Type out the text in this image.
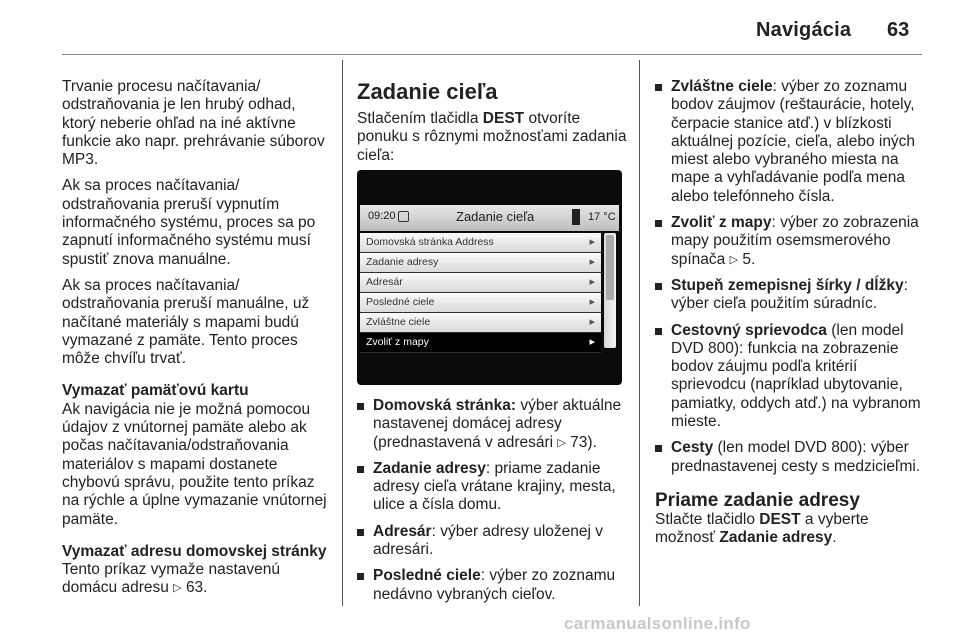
Navigácia 63

Trvanie procesu načítavania/ odstraňovania je len hrubý odhad, ktorý neberie ohľad na iné aktívne funkcie ako napr. prehrávanie súborov MP3.

Ak sa proces načítavania/ odstraňovania preruší vypnutím informačného systému, proces sa po zapnutí informačného systému musí spustiť znova manuálne.

Ak sa proces načítavania/ odstraňovania preruší manuálne, už načítané materiály s mapami budú vymazané z pamäte. Tento proces môže chvíľu trvať.

Vymazať pamäťovú kartu
Ak navigácia nie je možná pomocou údajov z vnútornej pamäte alebo ak počas načítavania/odstraňovania materiálov s mapami dostanete chybovú správu, použite tento príkaz na rýchle a úplne vymazanie vnútornej pamäte.

Vymazať adresu domovskej stránky
Tento príkaz vymaže nastavenú domácu adresu ▷ 63.

Zadanie cieľa

Stlačením tlačidla DEST otvoríte ponuku s rôznymi možnosťami zadania cieľa:

09:20	Zadanie cieľa	17 °C
Domovská stránka Address	▸
Zadanie adresy	▸
Adresár	▸
Posledné ciele	▸
Zvláštne ciele	▸
Zvoliť z mapy	▸
Domovská stránka: výber aktuálne nastavenej domácej adresy (prednastavená v adresári ▷ 73).
Zadanie adresy: priame zadanie adresy cieľa vrátane krajiny, mesta, ulice a čísla domu.
Adresár: výber adresy uloženej v adresári.
Posledné ciele: výber zo zoznamu nedávno vybraných cieľov.
Zvláštne ciele: výber zo zoznamu bodov záujmov (reštaurácie, hotely, čerpacie stanice atď.) v blízkosti aktuálnej pozície, cieľa, alebo iných miest alebo vybraného miesta na mape a vyhľadávanie podľa mena alebo telefónneho čísla.
Zvoliť z mapy: výber zo zobrazenia mapy použitím osemsmerového spínača ▷ 5.
Stupeň zemepisnej šírky / dĺžky: výber cieľa použitím súradníc.
Cestovný sprievodca (len model DVD 800): funkcia na zobrazenie bodov záujmu podľa kritérií sprievodcu (napríklad ubytovanie, pamiatky, oddych atď.) na vybranom mieste.
Cesty (len model DVD 800): výber prednastavenej cesty s medzicieľmi.
Priame zadanie adresy

Stlačte tlačidlo DEST a vyberte možnosť Zadanie adresy.

carmanualsonline.info
